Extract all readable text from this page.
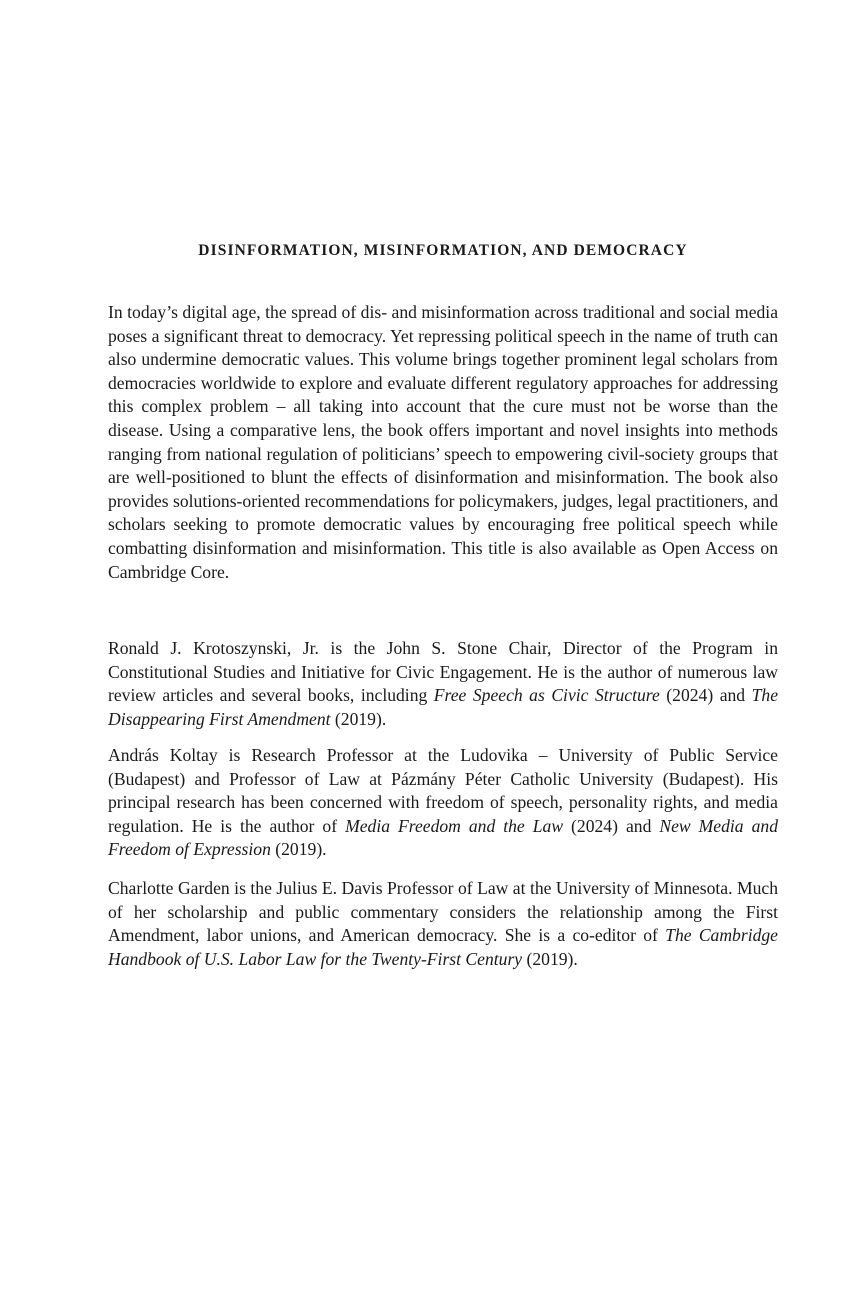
DISINFORMATION, MISINFORMATION, AND DEMOCRACY

In today’s digital age, the spread of dis- and misinformation across traditional and social media poses a significant threat to democracy. Yet repressing political speech in the name of truth can also undermine democratic values. This volume brings together prominent legal scholars from democracies worldwide to explore and evaluate different regulatory approaches for addressing this complex problem – all taking into account that the cure must not be worse than the disease. Using a comparative lens, the book offers important and novel insights into methods ranging from national regulation of politicians’ speech to empowering civil-society groups that are well-positioned to blunt the effects of disinformation and misinformation. The book also provides solutions-oriented recommendations for policymakers, judges, legal practitioners, and scholars seeking to promote democratic values by encouraging free political speech while combatting disinformation and misinformation. This title is also available as Open Access on Cambridge Core.

Ronald J. Krotoszynski, Jr. is the John S. Stone Chair, Director of the Program in Constitutional Studies and Initiative for Civic Engagement. He is the author of numerous law review articles and several books, including Free Speech as Civic Structure (2024) and The Disappearing First Amendment (2019).

András Koltay is Research Professor at the Ludovika – University of Public Service (Budapest) and Professor of Law at Pázmány Péter Catholic University (Budapest). His principal research has been concerned with freedom of speech, personality rights, and media regulation. He is the author of Media Freedom and the Law (2024) and New Media and Freedom of Expression (2019).

Charlotte Garden is the Julius E. Davis Professor of Law at the University of Minnesota. Much of her scholarship and public commentary considers the relationship among the First Amendment, labor unions, and American democracy. She is a co-editor of The Cambridge Handbook of U.S. Labor Law for the Twenty-First Century (2019).
